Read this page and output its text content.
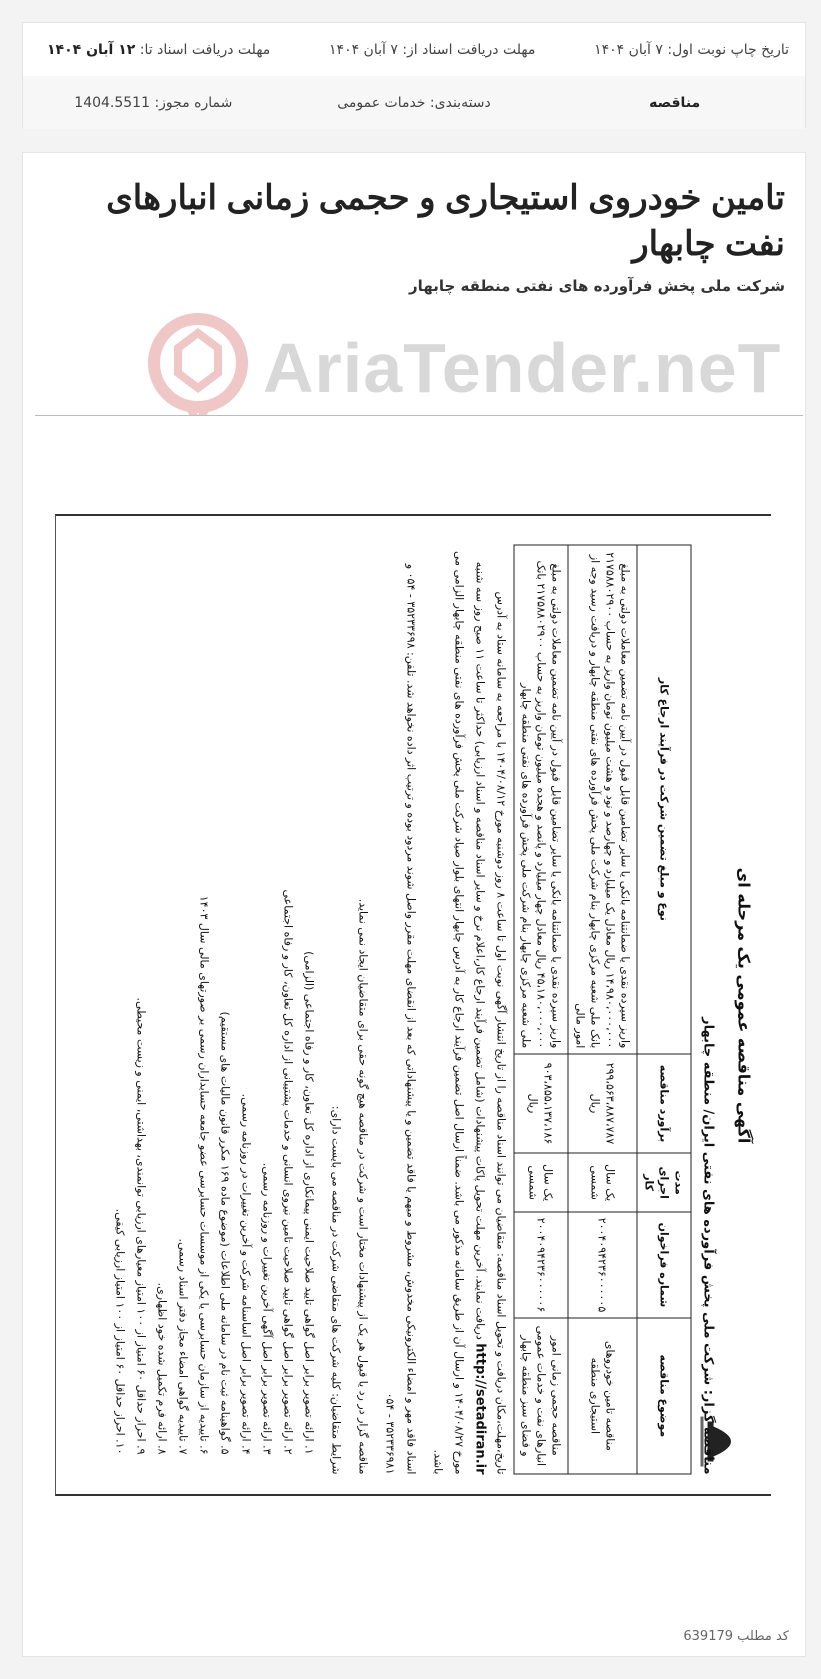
تاریخ چاپ نوبت اول: ۷ آبان ۱۴۰۴
مهلت دریافت اسناد از: ۷ آبان ۱۴۰۴
مهلت دریافت اسناد تا: ۱۲ آبان ۱۴۰۴
مناقصه
دسته‌بندی: خدمات عمومی
شماره مجوز: 1404.5511
تامین خودروی استیجاری و حجمی زمانی انبارهای نفت چابهار
شرکت ملی پخش فرآورده های نفتی منطقه چابهار
AriaTender.neT
آگهی مناقصه عمومی یک مرحله ای
مناقصه گزار: شرکت ملی پخش فرآورده های نفتی ایران/ منطقه چابهار
موضوع مناقصه	شماره فراخوان	مدت اجرای کار	برآورد مناقصه	نوع و مبلغ تضمین شرکت در فرآیند ارجاع کار
مناقصه تامین خودروهای استیجاری منطقه	۲۰۰۴۰۹۴۲۳۶۰۰۰۰۰۵	یک سال شمسی	۲۹۹،۵۶۳،۸۸۷،۷۸۷ ریال	واریز سپرده نقدی یا ضمانتنامه بانکی یا سایر تضامین قابل قبول در آیین نامه تضمین معاملات دولتی به مبلغ ۱۴،۹۸۰،۰۰۰،۰۰۰ ریال معادل یک میلیارد و چهارصد و نود و هشت میلیون تومان واریز به حساب ۲۱۷۵۸۸۰۲۹۰۰ بانک ملی شعبه مرکزی چابهار بنام شرکت ملی پخش فرآورده های نفتی منطقه چابهار و دریافت رسید وجه از امور مالی
مناقصه حجمی زمانی امور انبارهای نفت و خدمات عمومی و فضای سبز منطقه چابهار	۲۰۰۴۰۹۴۲۳۶۰۰۰۰۰۶	یک سال شمسی	۹۰۳،۸۵۵،۱۳۷،۱۸۶ ریال	واریز سپرده نقدی یا ضمانتنامه بانکی یا سایر تضامین قابل قبول در آیین نامه تضمین معاملات دولتی به مبلغ ۴۵،۱۸۰،۰۰۰،۰۰۰ ریال معادل چهار میلیارد و پانصد و هجده میلیون تومان واریز به حساب ۲۱۷۵۸۸۰۲۹۰۰ بانک ملی شعبه مرکزی چابهار بنام شرکت ملی پخش فرآورده های نفتی منطقه چابهار

تاریخ،مهلت،مکان دریافت و تحویل اسناد مناقصه: متقاضیان می توانند اسناد مناقصه را از تاریخ انتشار آگهی نوبت اول تا ساعت ۸ روز دوشنبه مورخ ۱۴۰۴/۰۸/۱۲ با مراجعه به سامانه ستاد به آدرس http://setadiran.ir دریافت نمایند. آخرین مهلت تحویل پاکات پیشنهادات (شامل تضمین فرآیند ارجاع کار،اعلام نرخ و سایر اسناد مناقصه و اسناد ارزیابی) حداکثر تا ساعت ۱۱ صبح روز سه شنبه مورخ ۱۴۰۴/۰۸/۲۷ و ارسال آن از طریق سامانه مذکور می باشد. ضمناً ارسال اصل تضمین فرآیند ارجاع کار به آدرس چابهار انتهای بلوار صیاد شرکت ملی پخش فرآورده های نفتی منطقه چابهار الزامی می باشد.

اسناد فاقد مهر و امضاء الکترونیکی مخدوش، مشروط و مبهم یا فاقد تضمین و یا پیشنهاداتی که بعد از انقضای مهلت مقرر واصل شوند مردود بوده و ترتیب اثر داده نخواهد شد. تلفن: ۳۵۲۳۳۶۹۸ - ۰۵۴ و ۳۵۲۳۳۶۹۸۱ - ۰۵۴

مناقصه گزار در رد یا قبول هر یک از پیشنهادات مختار است و شرکت در مناقصه هیچ گونه حقی برای متقاضیان ایجاد نمی نماید.

شرایط متقاضیان: کلیه شرکت های متقاضی شرکت در مناقصه می بایست دارای:

۱. ارائه تصویر برابر اصل گواهی تایید صلاحیت ایمنی پیمانکاری از اداره کل تعاون، کار و رفاه اجتماعی (الزامی)
۲. ارائه تصویر برابر اصل گواهی تایید صلاحیت تامین نیروی انسانی و خدمات پشتیبانی از اداره کل تعاون، کار و رفاه اجتماعی
۳. ارائه تصویر برابر اصل آگهی آخرین تغییرات و روزنامه رسمی.
۴. ارائه تصویر برابر اصل اساسنامه شرکت و آخرین تغییرات در روزنامه رسمی.
۵. گواهینامه ثبت نام در سامانه ملی اطلاعات (موضوع ماده ۱۶۹ مکرر قانون مالیات های مستقیم)
۶. تاییدیه از سازمان حسابرسی یا یکی از موسسات حسابرسی عضو جامعه حسابداران رسمی بر صورتهای مالی سال ۱۴۰۳
۷. تاییدیه گواهی امضاء مجاز دفتر اسناد رسمی.
۸. ارائه فرم تکمیل شده خود اظهاری.
۹. احراز حداقل ۶۰ امتیاز از ۱۰۰ امتیاز معیارهای ارزیابی توانمندی، بهداشتی، ایمنی و زیست محیطی.
۱۰. احراز حداقل ۶۰ امتیاز از ۱۰۰ امتیاز ارزیابی کیفی.
کد مطلب 639179
